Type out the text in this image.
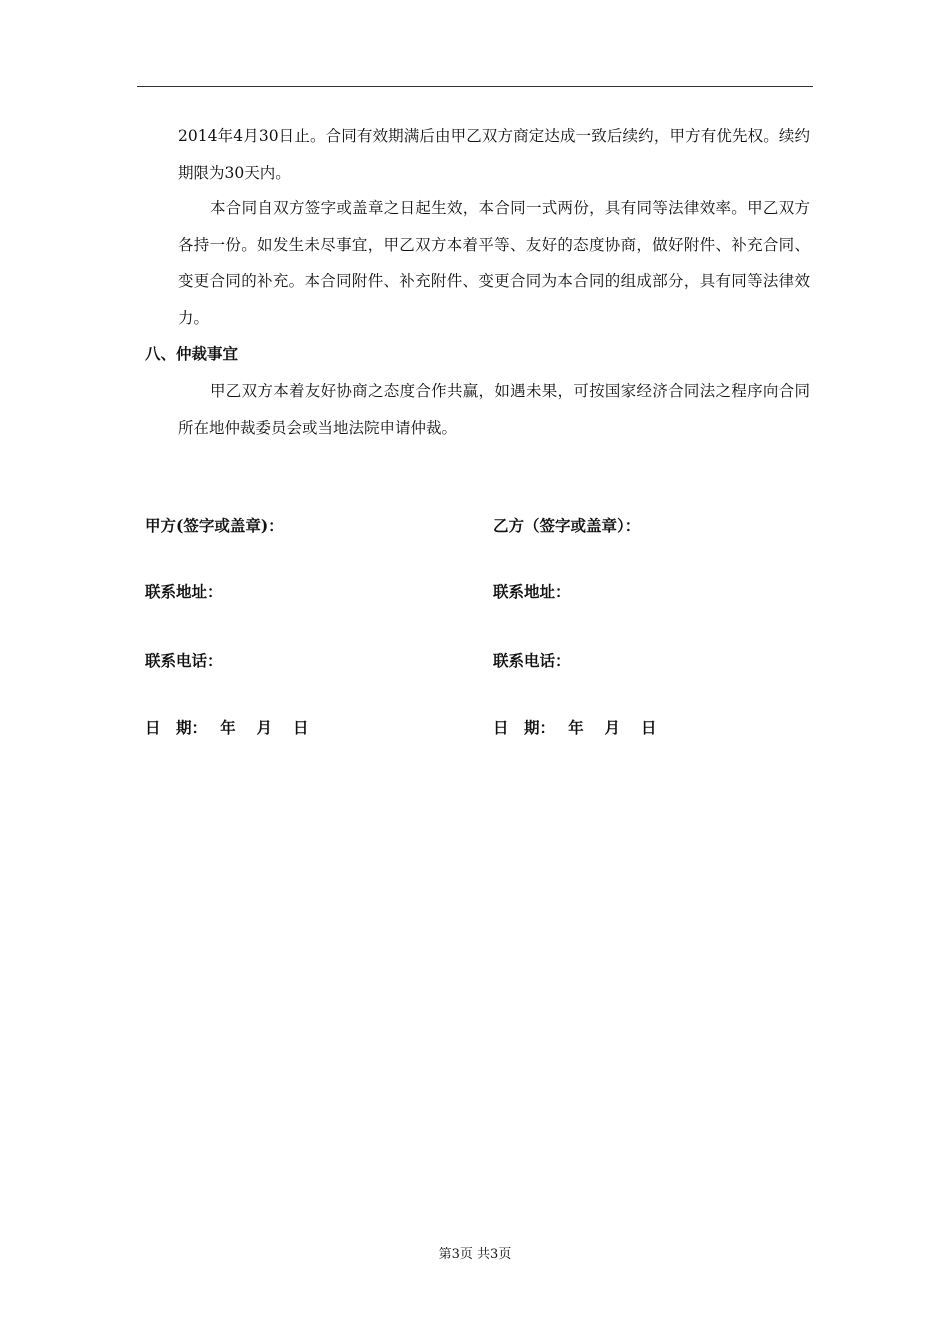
2014年4月30日止。合同有效期满后由甲乙双方商定达成一致后续约，甲方有优先权。续约期限为30天内。

本合同自双方签字或盖章之日起生效，本合同一式两份，具有同等法律效率。甲乙双方各持一份。如发生未尽事宜，甲乙双方本着平等、友好的态度协商，做好附件、补充合同、变更合同的补充。本合同附件、补充附件、变更合同为本合同的组成部分，具有同等法律效力。

八、仲裁事宜

甲乙双方本着友好协商之态度合作共赢，如遇未果，可按国家经济合同法之程序向合同所在地仲裁委员会或当地法院申请仲裁。

甲方(签字或盖章)：
联系地址：
联系电话：
日　期：　 年　 月　 日
乙方（签字或盖章）：
联系地址：
联系电话：
日　期：　 年　 月　 日
第3页 共3页
